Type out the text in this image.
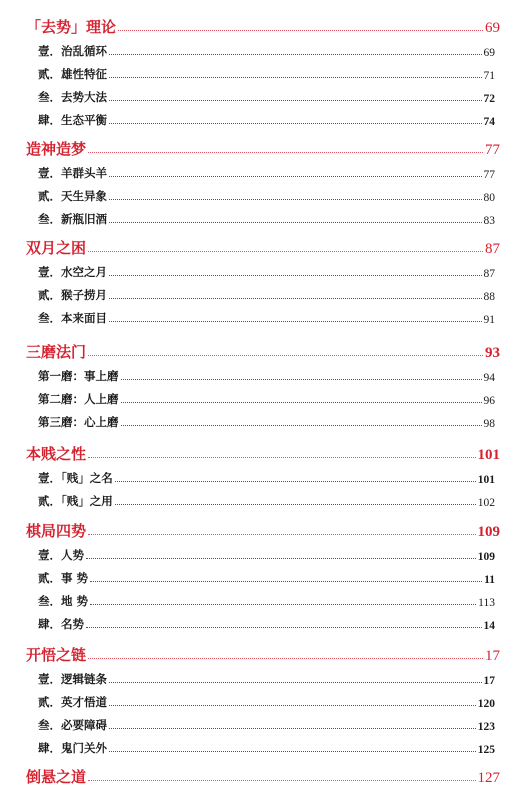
「去势」理论	69
壹．治乱循环	69
贰．雄性特征	71
叁．去势大法	72
肆．生态平衡	74
造神造梦	77
壹．羊群头羊	77
贰．天生异象	80
叁．新瓶旧酒	83
双月之困	87
壹．水空之月	87
贰．猴子捞月	88
叁．本来面目	91
三磨法门	93
第一磨：事上磨	94
第二磨：人上磨	96
第三磨：心上磨	98
本贱之性	101
壹．「贱」之名	101
贰．「贱」之用	102
棋局四势	109
壹．人势	109
贰．事 势	11
叁．地 势	113
肆．名势	14
开悟之链	17
壹．逻辑链条	17
贰．英才悟道	120
叁．必要障碍	123
肆．鬼门关外	125
倒悬之道	127
